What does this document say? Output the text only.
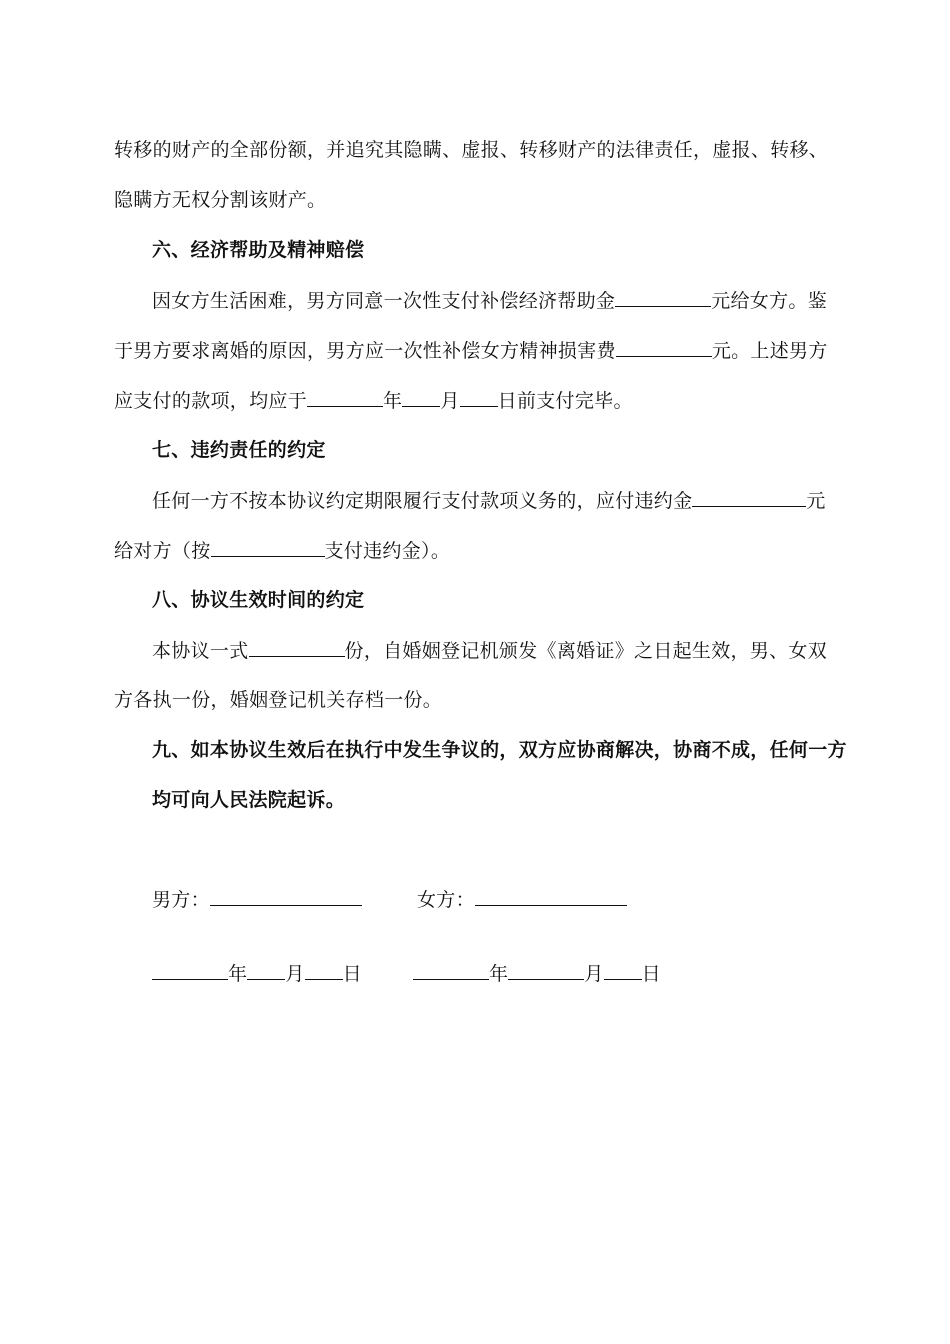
转移的财产的全部份额，并追究其隐瞒、虚报、转移财产的法律责任，虚报、转移、
隐瞒方无权分割该财产。
六、经济帮助及精神赔偿
因女方生活困难，男方同意一次性支付补偿经济帮助金	元给女方。鉴
于男方要求离婚的原因，男方应一次性补偿女方精神损害费	元。上述男方
应支付的款项，均应于	年 月 日前支付完毕。
七、违约责任的约定
任何一方不按本协议约定期限履行支付款项义务的，应付违约金	元
给对方（按	支付违约金）。
八、协议生效时间的约定
本协议一式	份，自婚姻登记机颁发《离婚证》之日起生效，男、女双
方各执一份，婚姻登记机关存档一份。
九、如本协议生效后在执行中发生争议的，双方应协商解决，协商不成，任何一方
均可向人民法院起诉。
男方：	女方：
年 月 日	年	月 日
